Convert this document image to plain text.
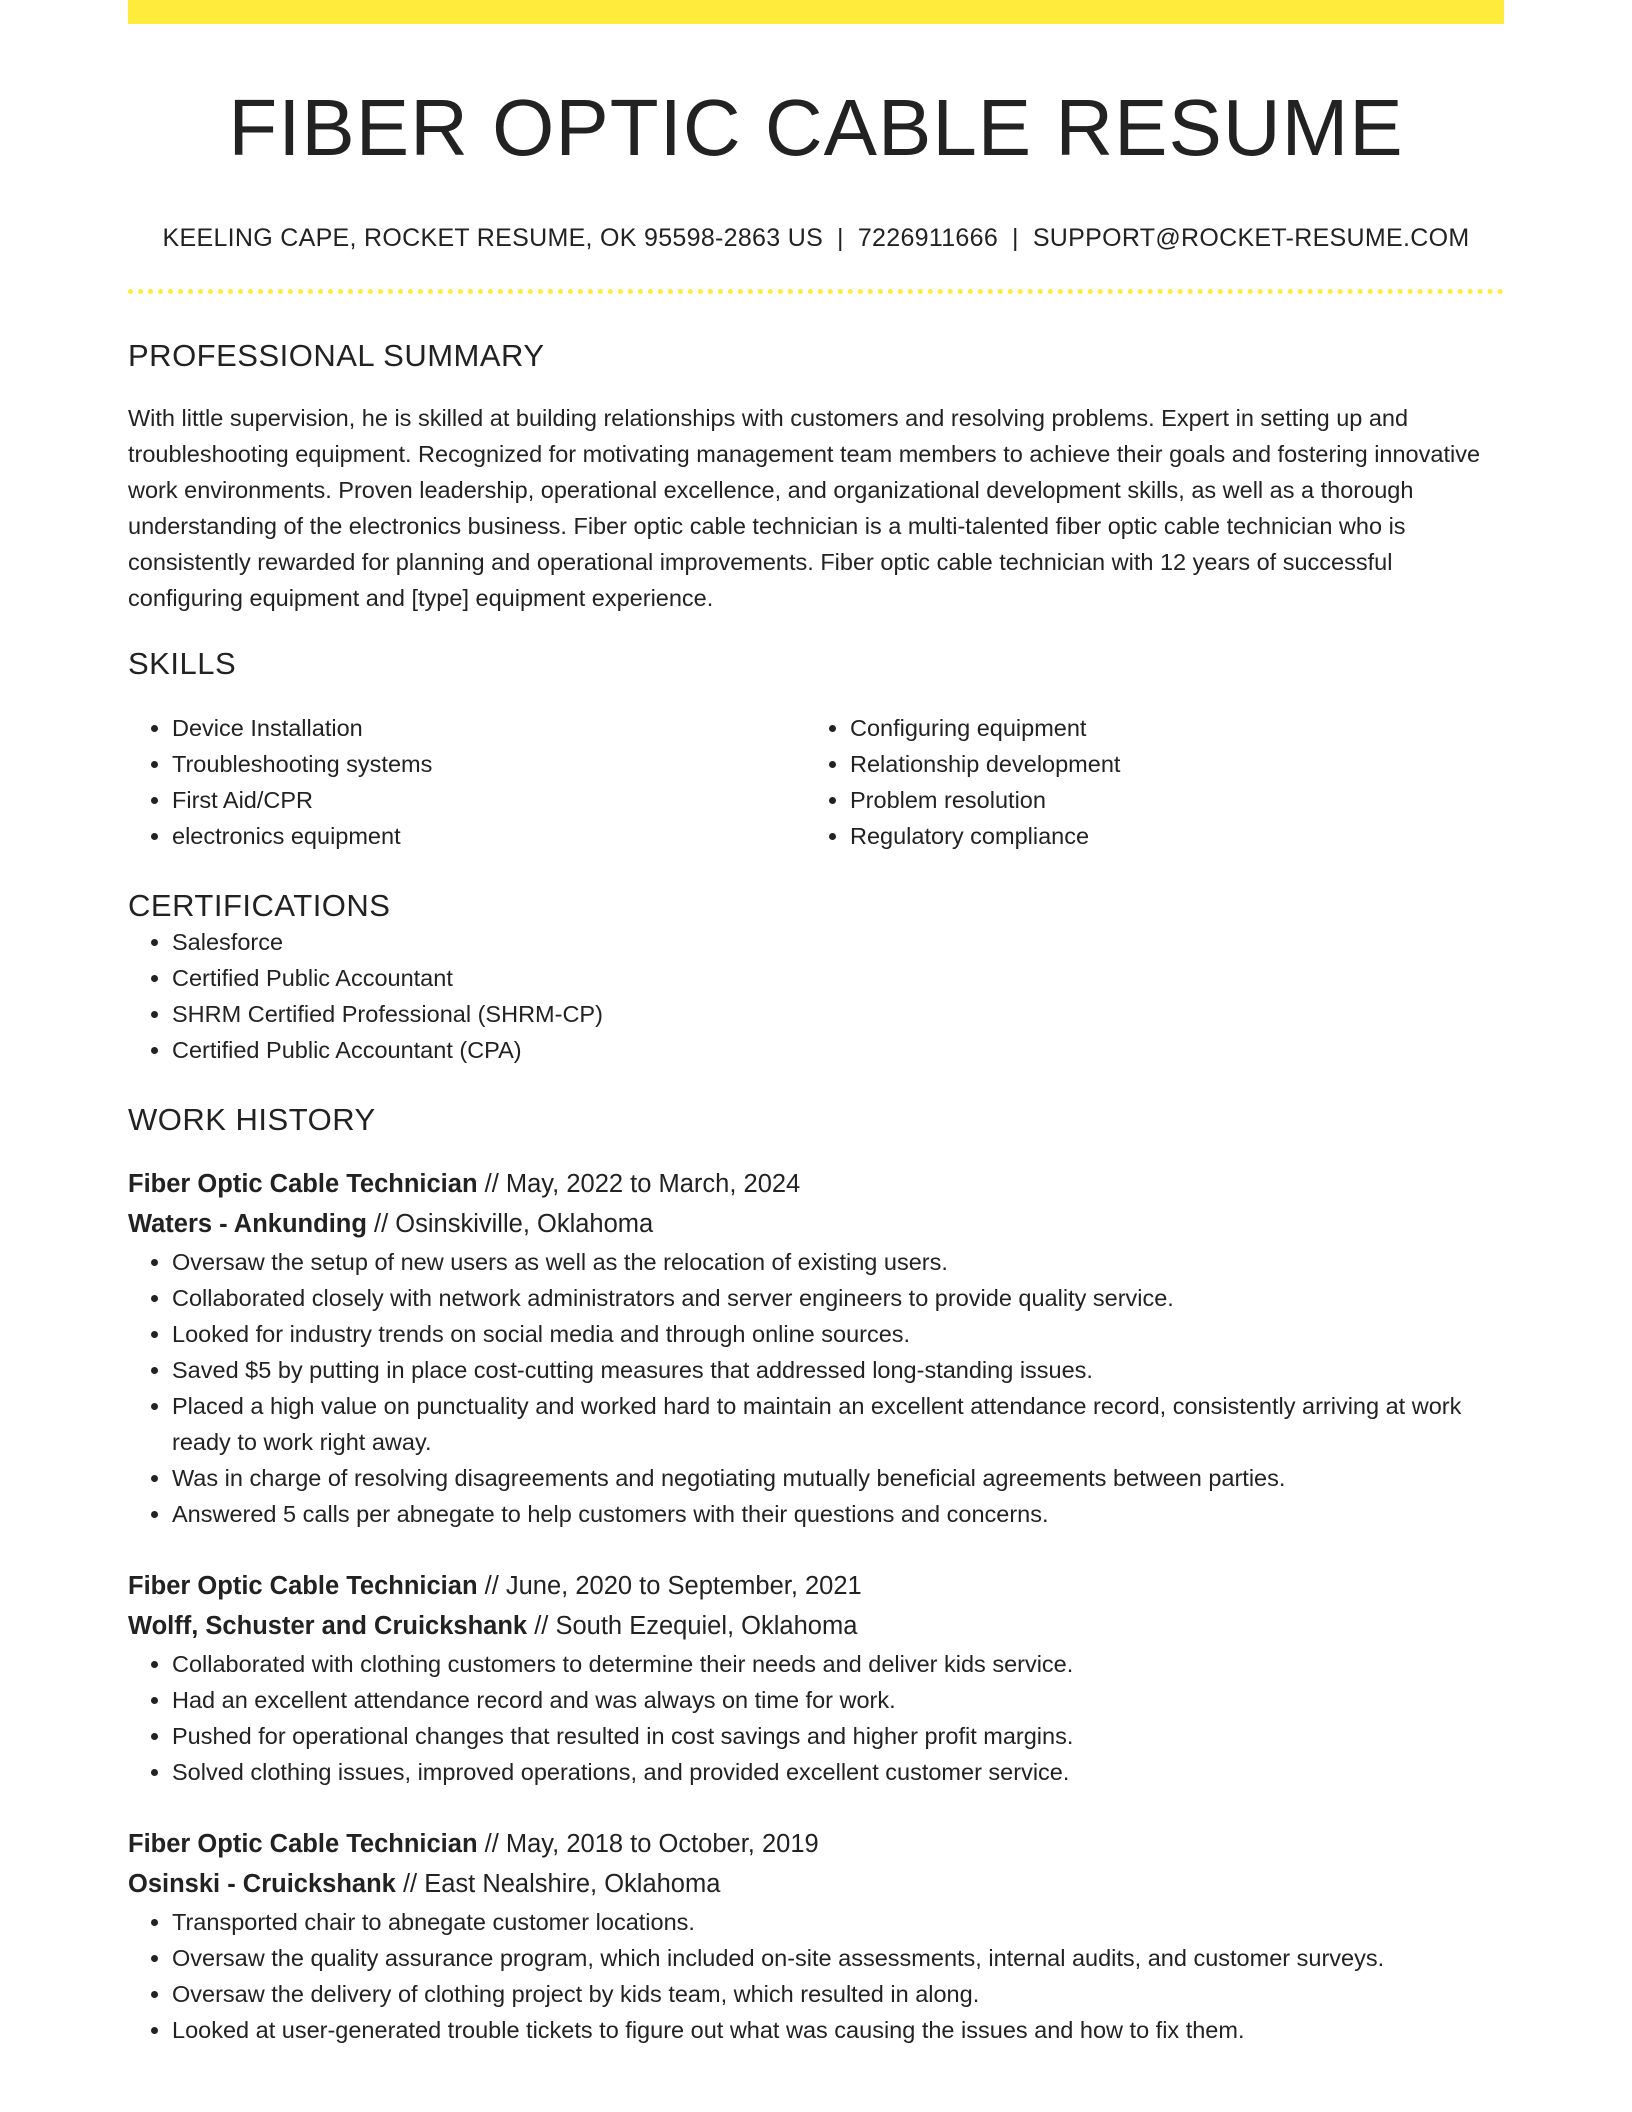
FIBER OPTIC CABLE RESUME
KEELING CAPE, ROCKET RESUME, OK 95598-2863 US | 7226911666 | SUPPORT@ROCKET-RESUME.COM
PROFESSIONAL SUMMARY

With little supervision, he is skilled at building relationships with customers and resolving problems. Expert in setting up and troubleshooting equipment. Recognized for motivating management team members to achieve their goals and fostering innovative work environments. Proven leadership, operational excellence, and organizational development skills, as well as a thorough understanding of the electronics business. Fiber optic cable technician is a multi-talented fiber optic cable technician who is consistently rewarded for planning and operational improvements. Fiber optic cable technician with 12 years of successful configuring equipment and [type] equipment experience.

SKILLS
• Device Installation
• Troubleshooting systems
• First Aid/CPR
• electronics equipment
• Configuring equipment
• Relationship development
• Problem resolution
• Regulatory compliance
CERTIFICATIONS
• Salesforce
• Certified Public Accountant
• SHRM Certified Professional (SHRM-CP)
• Certified Public Accountant (CPA)
WORK HISTORY
Fiber Optic Cable Technician // May, 2022 to March, 2024
Waters - Ankunding // Osinskiville, Oklahoma
• Oversaw the setup of new users as well as the relocation of existing users.
• Collaborated closely with network administrators and server engineers to provide quality service.
• Looked for industry trends on social media and through online sources.
• Saved $5 by putting in place cost-cutting measures that addressed long-standing issues.
• Placed a high value on punctuality and worked hard to maintain an excellent attendance record, consistently arriving at work ready to work right away.
• Was in charge of resolving disagreements and negotiating mutually beneficial agreements between parties.
• Answered 5 calls per abnegate to help customers with their questions and concerns.
Fiber Optic Cable Technician // June, 2020 to September, 2021
Wolff, Schuster and Cruickshank // South Ezequiel, Oklahoma
• Collaborated with clothing customers to determine their needs and deliver kids service.
• Had an excellent attendance record and was always on time for work.
• Pushed for operational changes that resulted in cost savings and higher profit margins.
• Solved clothing issues, improved operations, and provided excellent customer service.
Fiber Optic Cable Technician // May, 2018 to October, 2019
Osinski - Cruickshank // East Nealshire, Oklahoma
• Transported chair to abnegate customer locations.
• Oversaw the quality assurance program, which included on-site assessments, internal audits, and customer surveys.
• Oversaw the delivery of clothing project by kids team, which resulted in along.
• Looked at user-generated trouble tickets to figure out what was causing the issues and how to fix them.
